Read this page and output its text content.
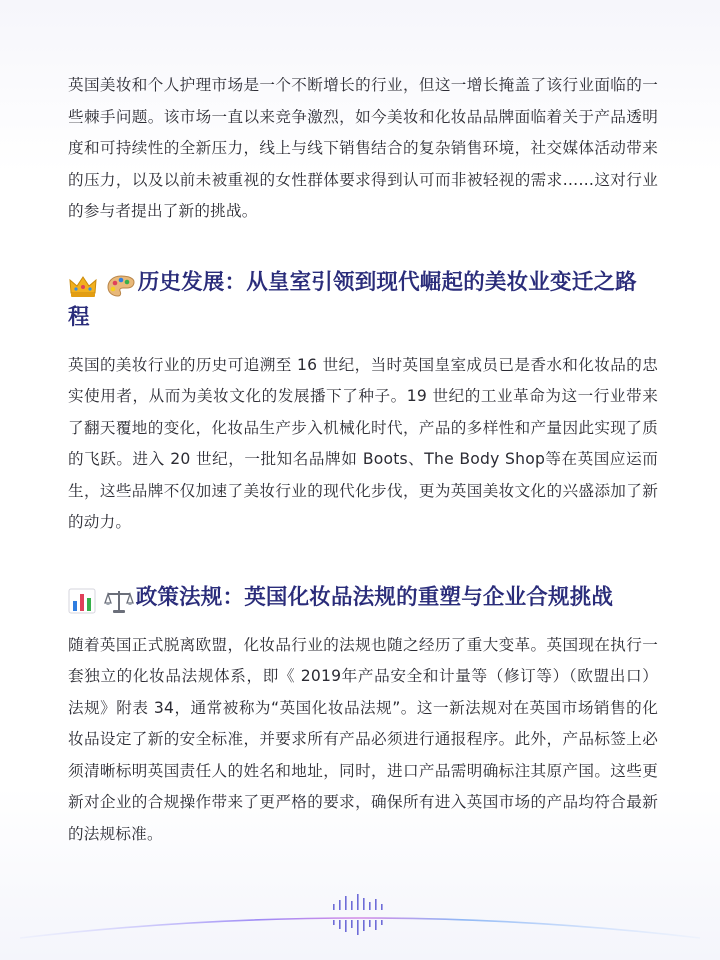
英国美妆和个人护理市场是一个不断增长的行业，但这一增长掩盖了该行业面临的一些棘手问题。该市场一直以来竞争激烈，如今美妆和化妆品品牌面临着关于产品透明度和可持续性的全新压力，线上与线下销售结合的复杂销售环境，社交媒体活动带来的压力，以及以前未被重视的女性群体要求得到认可而非被轻视的需求……这对行业的参与者提出了新的挑战。

历史发展：从皇室引领到现代崛起的美妆业变迁之路程

英国的美妆行业的历史可追溯至 16 世纪，当时英国皇室成员已是香水和化妆品的忠实使用者，从而为美妆文化的发展播下了种子。19 世纪的工业革命为这一行业带来了翻天覆地的变化，化妆品生产步入机械化时代，产品的多样性和产量因此实现了质的飞跃。进入 20 世纪，一批知名品牌如 Boots、The Body Shop等在英国应运而生，这些品牌不仅加速了美妆行业的现代化步伐，更为英国美妆文化的兴盛添加了新的动力。

政策法规：英国化妆品法规的重塑与企业合规挑战

随着英国正式脱离欧盟，化妆品行业的法规也随之经历了重大变革。英国现在执行一套独立的化妆品法规体系，即《 2019年产品安全和计量等（修订等）（欧盟出口）法规》附表 34，通常被称为“英国化妆品法规”。这一新法规对在英国市场销售的化妆品设定了新的安全标准，并要求所有产品必须进行通报程序。此外，产品标签上必须清晰标明英国责任人的姓名和地址，同时，进口产品需明确标注其原产国。这些更新对企业的合规操作带来了更严格的要求，确保所有进入英国市场的产品均符合最新的法规标准。
